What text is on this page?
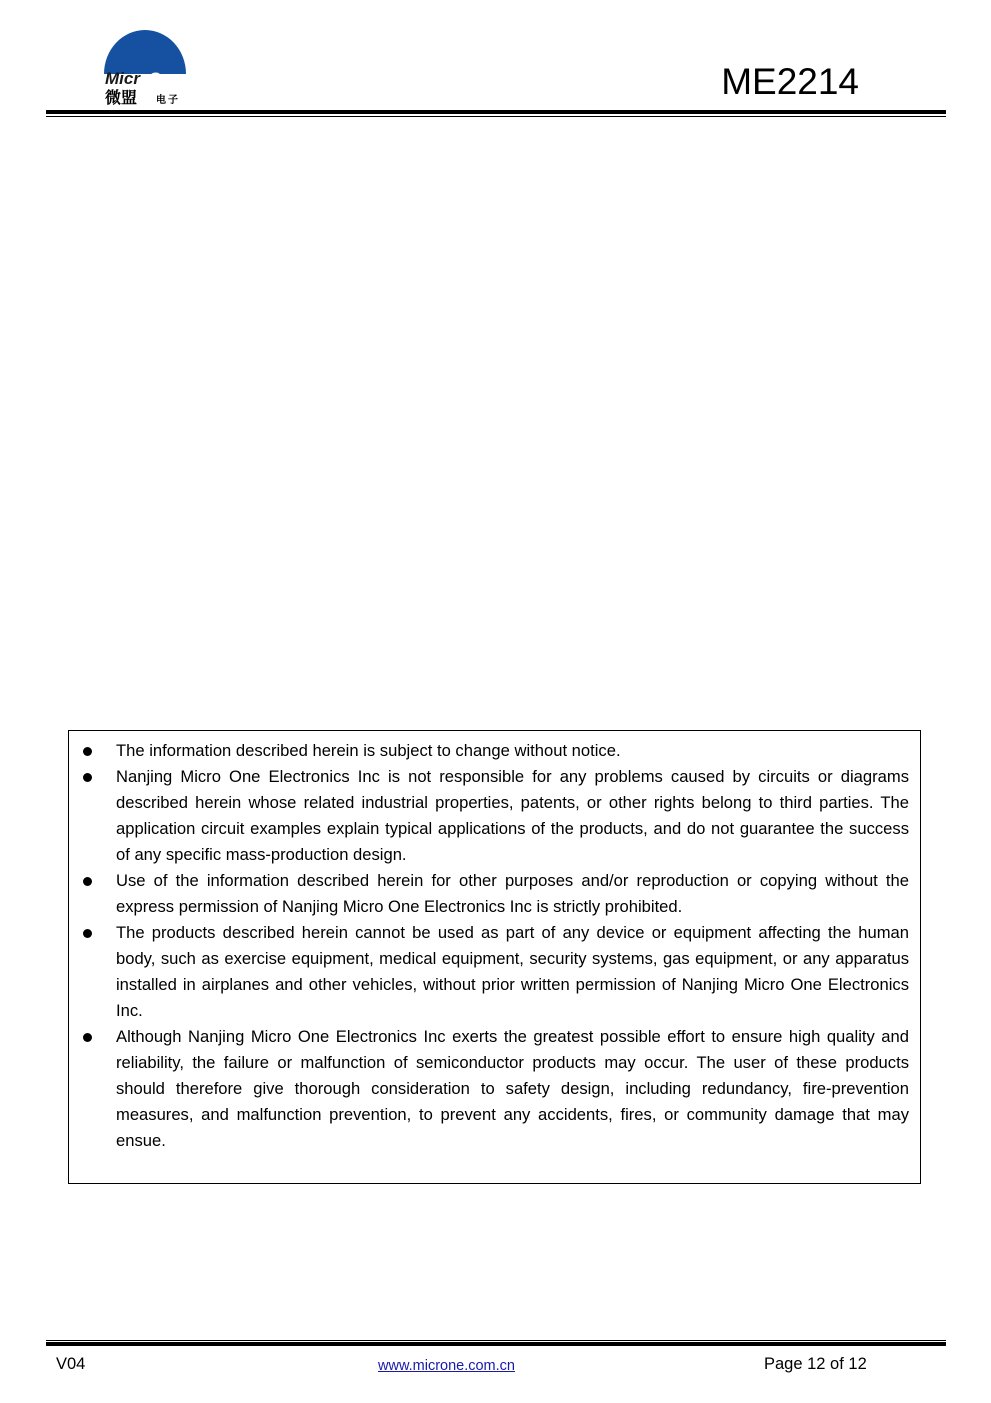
Micr One
微盟 电子	ME2214
The information described herein is subject to change without notice.
Nanjing Micro One Electronics Inc is not responsible for any problems caused by circuits or diagrams described herein whose related industrial properties, patents, or other rights belong to third parties. The application circuit examples explain typical applications of the products, and do not guarantee the success of any specific mass-production design.
Use of the information described herein for other purposes and/or reproduction or copying without the express permission of Nanjing Micro One Electronics Inc is strictly prohibited.
The products described herein cannot be used as part of any device or equipment affecting the human body, such as exercise equipment, medical equipment, security systems, gas equipment, or any apparatus installed in airplanes and other vehicles, without prior written permission of Nanjing Micro One Electronics Inc.
Although Nanjing Micro One Electronics Inc exerts the greatest possible effort to ensure high quality and reliability, the failure or malfunction of semiconductor products may occur. The user of these products should therefore give thorough consideration to safety design, including redundancy, fire-prevention measures, and malfunction prevention, to prevent any accidents, fires, or community damage that may ensue.
V04	www.microne.com.cn	Page 12 of 12
